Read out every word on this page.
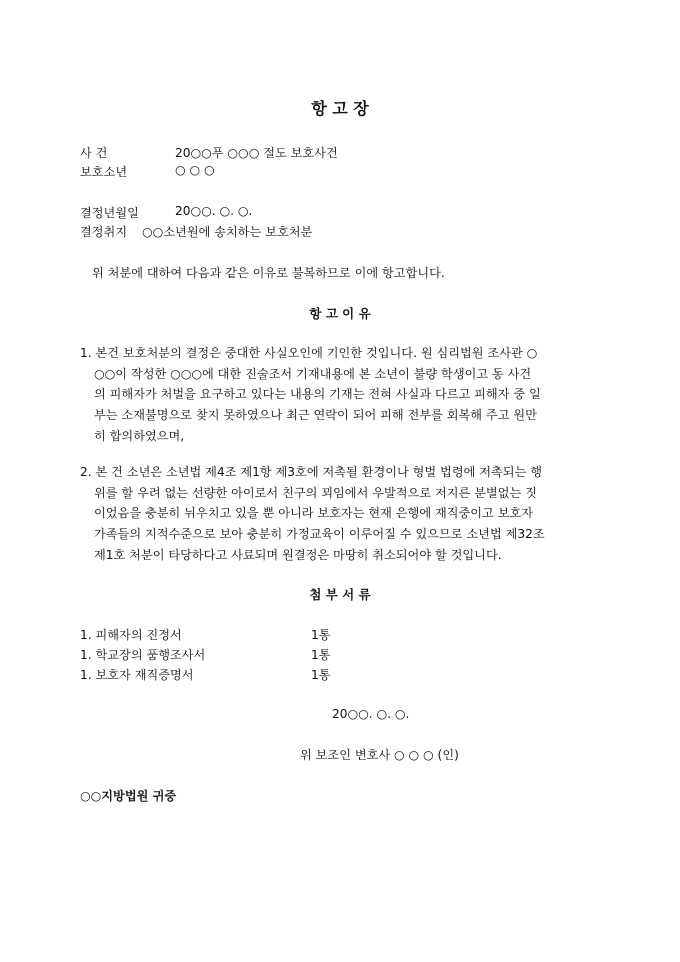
항 고 장
사 건	20○○푸 ○○○ 절도 보호사건
보호소년	○ ○ ○
결정년월일	20○○. ○. ○.
결정취지 ○○소년원에 송치하는 보호처분
위 처분에 대하여 다음과 같은 이유로 불복하므로 이에 항고합니다.
항 고 이 유
1. 본건 보호처분의 결정은 중대한 사실오인에 기인한 것입니다. 원 심리법원 조사관 ○
○○이 작성한 ○○○에 대한 진술조서 기재내용에 본 소년이 불량 학생이고 동 사건
의 피해자가 처벌을 요구하고 있다는 내용의 기재는 전혀 사실과 다르고 피해자 중 일
부는 소재불명으로 찾지 못하였으나 최근 연락이 되어 피해 전부를 회복해 주고 원만
히 합의하였으며,
2. 본 건 소년은 소년법 제4조 제1항 제3호에 저촉될 환경이나 형벌 법령에 저촉되는 행
위를 할 우려 없는 선량한 아이로서 친구의 꾀임에서 우발적으로 저지른 분별없는 짓
이었음을 충분히 뉘우치고 있을 뿐 아니라 보호자는 현재 은행에 재직중이고 보호자
가족들의 지적수준으로 보아 충분히 가정교육이 이루어질 수 있으므로 소년법 제32조
제1호 처분이 타당하다고 사료되며 원결정은 마땅히 취소되어야 할 것입니다.
첨 부 서 류
1. 피해자의 진정서	1통
1. 학교장의 품행조사서	1통
1. 보호자 재직증명서	1통
20○○. ○. ○.
위 보조인 변호사 ○ ○ ○ (인)
○○지방법원 귀중
